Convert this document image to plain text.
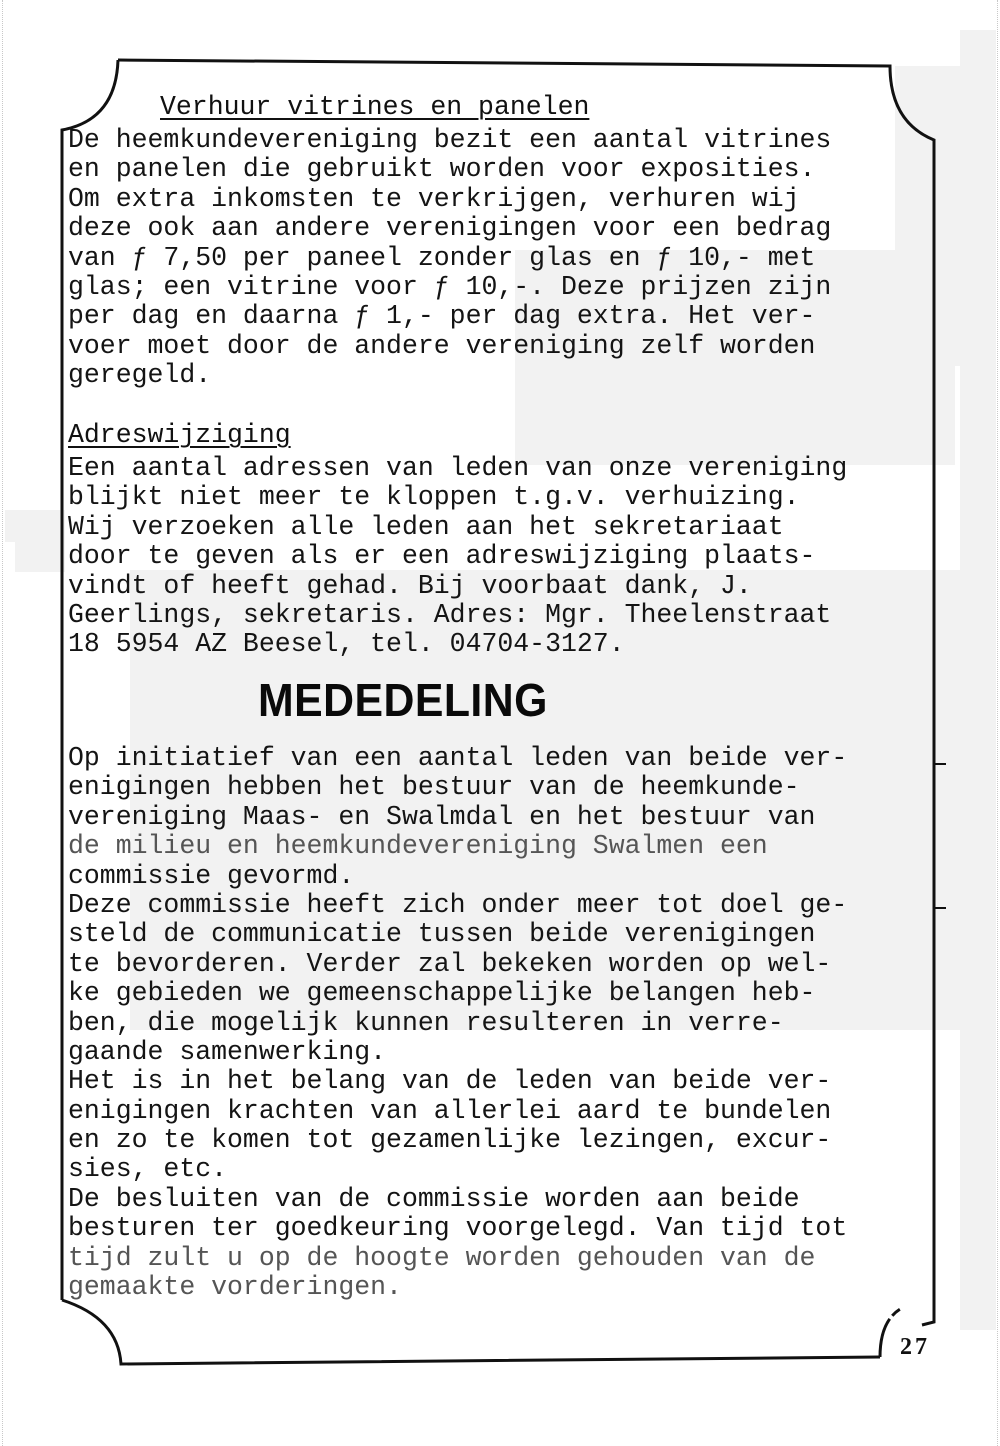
Verhuur vitrines en panelen
De heemkundevereniging bezit een aantal vitrines
en panelen die gebruikt worden voor exposities.
Om extra inkomsten te verkrijgen, verhuren wij
deze ook aan andere verenigingen voor een bedrag
van ƒ 7,50 per paneel zonder glas en ƒ 10,- met
glas; een vitrine voor ƒ 10,-. Deze prijzen zijn
per dag en daarna ƒ 1,- per dag extra. Het ver-
voer moet door de andere vereniging zelf worden
geregeld.
Adreswijziging
Een aantal adressen van leden van onze vereniging
blijkt niet meer te kloppen t.g.v. verhuizing.
Wij verzoeken alle leden aan het sekretariaat
door te geven als er een adreswijziging plaats-
vindt of heeft gehad. Bij voorbaat dank, J.
Geerlings, sekretaris. Adres: Mgr. Theelenstraat
18 5954 AZ Beesel, tel. 04704-3127.
MEDEDELING
Op initiatief van een aantal leden van beide ver-
enigingen hebben het bestuur van de heemkunde-
vereniging Maas- en Swalmdal en het bestuur van
de milieu en heemkundevereniging Swalmen een
commissie gevormd.
Deze commissie heeft zich onder meer tot doel ge-
steld de communicatie tussen beide verenigingen
te bevorderen. Verder zal bekeken worden op wel-
ke gebieden we gemeenschappelijke belangen heb-
ben, die mogelijk kunnen resulteren in verre-
gaande samenwerking.
Het is in het belang van de leden van beide ver-
enigingen krachten van allerlei aard te bundelen
en zo te komen tot gezamenlijke lezingen, excur-
sies, etc.
De besluiten van de commissie worden aan beide
besturen ter goedkeuring voorgelegd. Van tijd tot
tijd zult u op de hoogte worden gehouden van de
gemaakte vorderingen.
27
